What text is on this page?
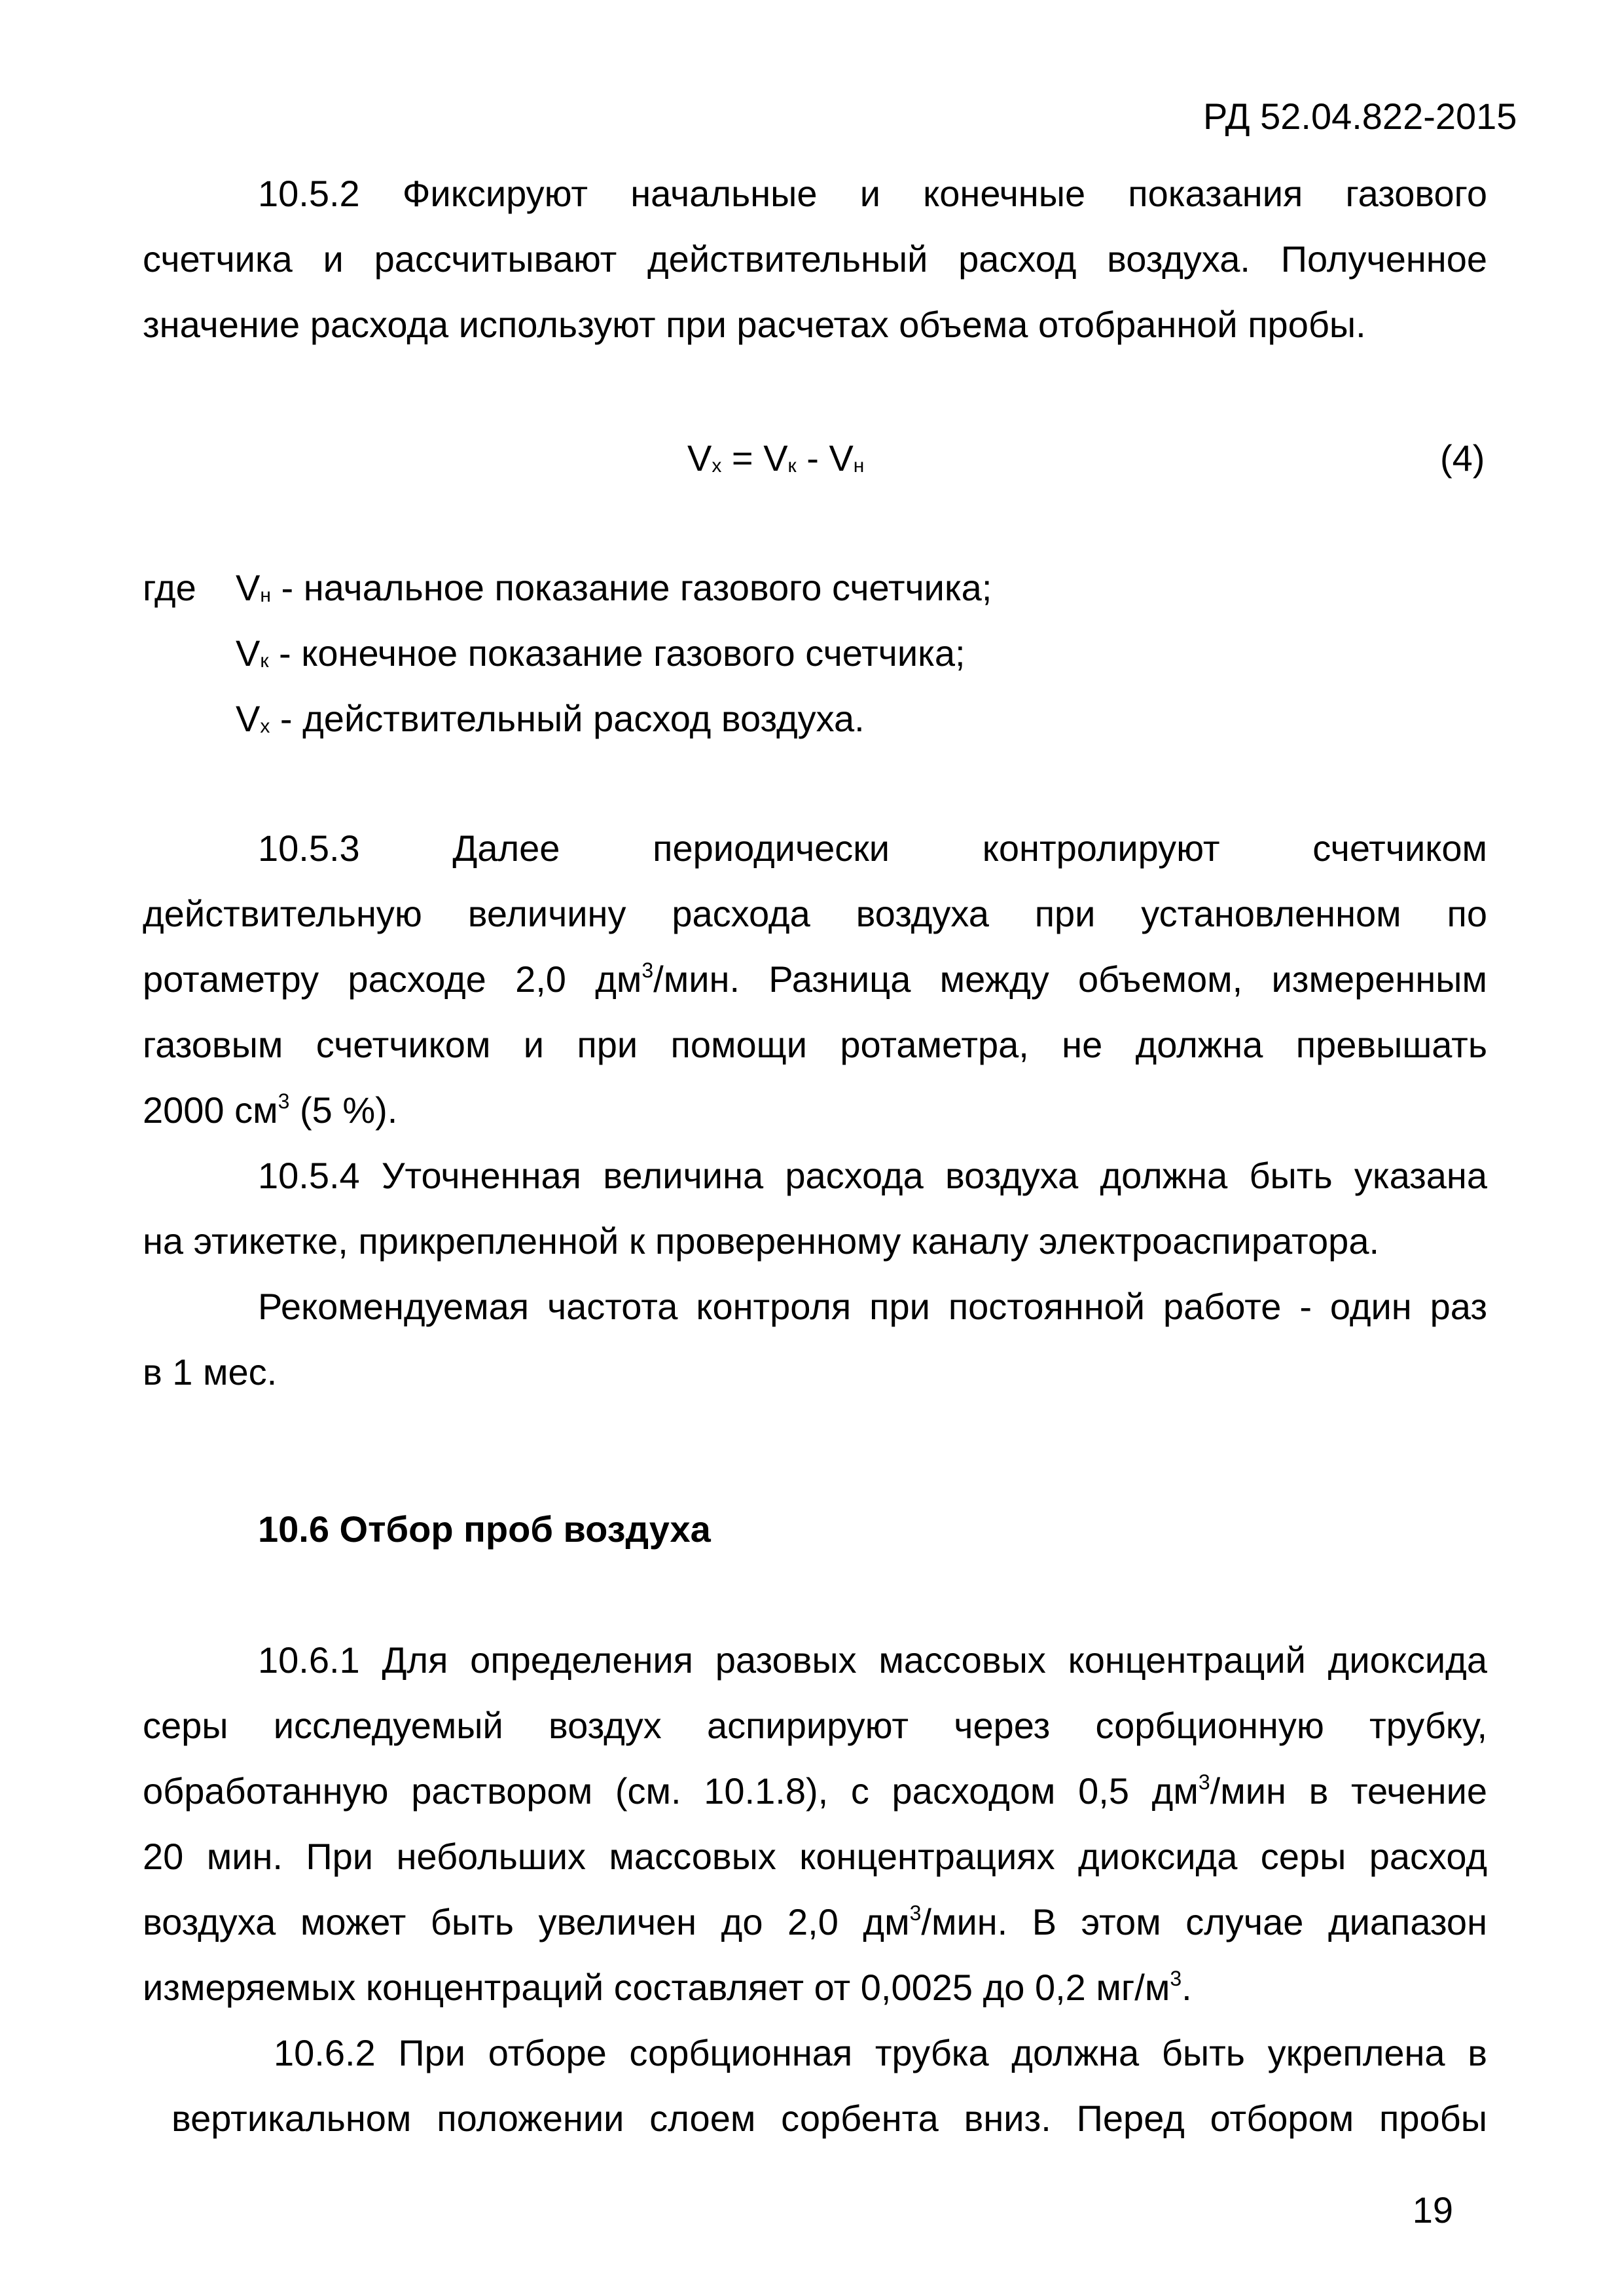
РД 52.04.822-2015
10.5.2 Фиксируют начальные и конечные показания газового
счетчика и рассчитывают действительный расход воздуха. Полученное
значение расхода используют при расчетах объема отобранной пробы.
$V_х = V_к - V_н$	(4)
где $V_н$ - начальное показание газового счетчика;
$V_к$ - конечное показание газового счетчика;
$V_х$ - действительный расход воздуха.
10.5.3 Далее периодически контролируют счетчиком
действительную величину расхода воздуха при установленном по
ротаметру расходе 2,0 $дм^3$/мин. Разница между объемом, измеренным
газовым счетчиком и при помощи ротаметра, не должна превышать
2000 $см^3$ (5 %).
10.5.4 Уточненная величина расхода воздуха должна быть указана
на этикетке, прикрепленной к проверенному каналу электроаспиратора.
Рекомендуемая частота контроля при постоянной работе - один раз
в 1 мес.
10.6 Отбор проб воздуха
10.6.1 Для определения разовых массовых концентраций диоксида
серы исследуемый воздух аспирируют через сорбционную трубку,
обработанную раствором (см. 10.1.8), с расходом 0,5 $дм^3$/мин в течение
20 мин. При небольших массовых концентрациях диоксида серы расход
воздуха может быть увеличен до 2,0 $дм^3$/мин. В этом случае диапазон
измеряемых концентраций составляет от 0,0025 до 0,2 $мг/м^3$.
10.6.2 При отборе сорбционная трубка должна быть укреплена в
вертикальном положении слоем сорбента вниз. Перед отбором пробы
19
